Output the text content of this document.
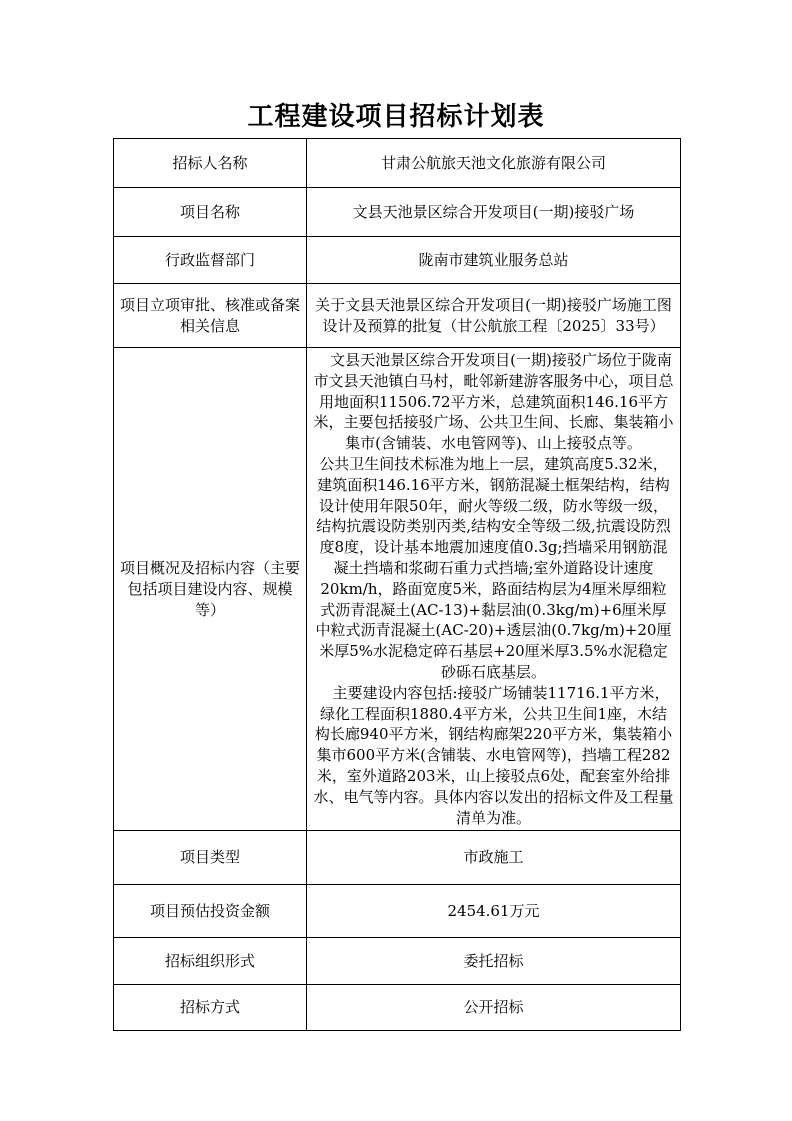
工程建设项目招标计划表
招标人名称	甘肃公航旅天池文化旅游有限公司
项目名称	文县天池景区综合开发项目(一期)接驳广场
行政监督部门	陇南市建筑业服务总站
项目立项审批、核准或备案相关信息	关于文县天池景区综合开发项目(一期)接驳广场施工图设计及预算的批复（甘公航旅工程〔2025〕33号）
项目概况及招标内容（主要包括项目建设内容、规模等）	　文县天池景区综合开发项目(一期)接驳广场位于陇南市文县天池镇白马村，毗邻新建游客服务中心，项目总用地面积11506.72平方米，总建筑面积146.16平方米，主要包括接驳广场、公共卫生间、长廊、集装箱小集市(含铺装、水电管网等)、山上接驳点等。

公共卫生间技术标准为地上一层，建筑高度5.32米，建筑面积146.16平方米，钢筋混凝土框架结构，结构设计使用年限50年，耐火等级二级，防水等级一级，结构抗震设防类别丙类,结构安全等级二级,抗震设防烈度8度，设计基本地震加速度值0.3g;挡墙采用钢筋混凝土挡墙和浆砌石重力式挡墙;室外道路设计速度20km/h，路面宽度5米，路面结构层为4厘米厚细粒式沥青混凝土(AC-13)+黏层油(0.3kg/m)+6厘米厚中粒式沥青混凝土(AC-20)+透层油(0.7kg/m)+20厘米厚5%水泥稳定碎石基层+20厘米厚3.5%水泥稳定砂砾石底基层。

　主要建设内容包括:接驳广场铺装11716.1平方米，绿化工程面积1880.4平方米，公共卫生间1座，木结构长廊940平方米，钢结构廊架220平方米，集装箱小集市600平方米(含铺装、水电管网等)，挡墙工程282米，室外道路203米，山上接驳点6处，配套室外给排水、电气等内容。具体内容以发出的招标文件及工程量清单为准。

项目类型	市政施工
项目预估投资金额	2454.61万元
招标组织形式	委托招标
招标方式	公开招标
